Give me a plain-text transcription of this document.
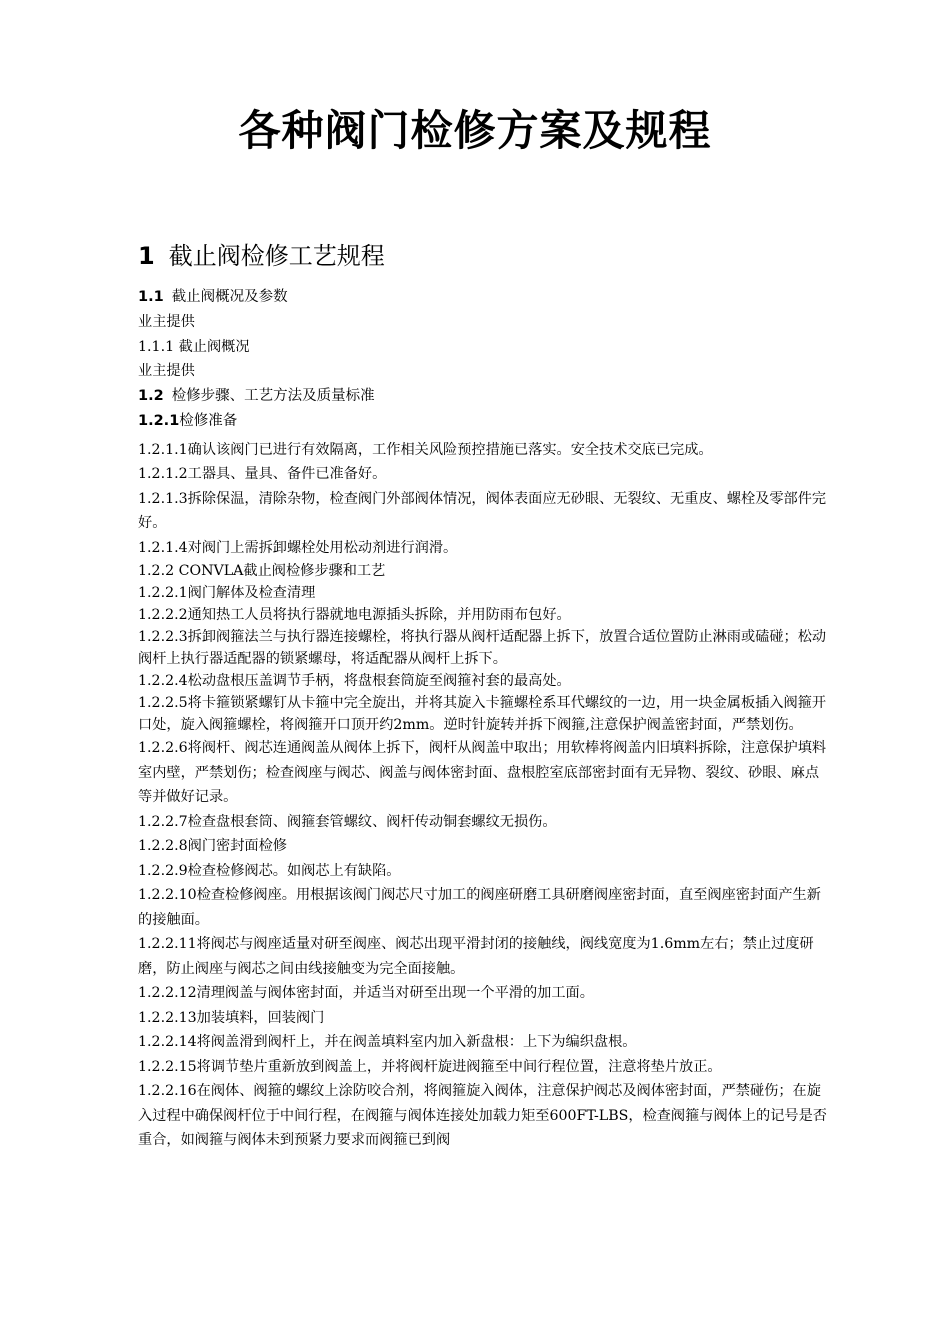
各种阀门检修方案及规程
1 截止阀检修工艺规程
1.1 截止阀概况及参数
业主提供
1.1.1 截止阀概况
业主提供
1.2 检修步骤、工艺方法及质量标准
1.2.1检修准备
1.2.1.1确认该阀门已进行有效隔离，工作相关风险预控措施已落实。安全技术交底已完成。
1.2.1.2工器具、量具、备件已准备好。
1.2.1.3拆除保温，清除杂物，检查阀门外部阀体情况，阀体表面应无砂眼、无裂纹、无重皮、螺栓及零部件完好。
1.2.1.4对阀门上需拆卸螺栓处用松动剂进行润滑。
1.2.2 CONVLA截止阀检修步骤和工艺
1.2.2.1阀门解体及检查清理
1.2.2.2通知热工人员将执行器就地电源插头拆除，并用防雨布包好。
1.2.2.3拆卸阀箍法兰与执行器连接螺栓，将执行器从阀杆适配器上拆下，放置合适位置防止淋雨或磕碰；松动阀杆上执行器适配器的锁紧螺母，将适配器从阀杆上拆下。
1.2.2.4松动盘根压盖调节手柄，将盘根套筒旋至阀箍衬套的最高处。
1.2.2.5将卡箍锁紧螺钉从卡箍中完全旋出，并将其旋入卡箍螺栓系耳代螺纹的一边，用一块金属板插入阀箍开口处，旋入阀箍螺栓，将阀箍开口顶开约2mm。逆时针旋转并拆下阀箍,注意保护阀盖密封面，严禁划伤。
1.2.2.6将阀杆、阀芯连通阀盖从阀体上拆下，阀杆从阀盖中取出；用软棒将阀盖内旧填料拆除，注意保护填料室内壁，严禁划伤；检查阀座与阀芯、阀盖与阀体密封面、盘根腔室底部密封面有无异物、裂纹、砂眼、麻点等并做好记录。
1.2.2.7检查盘根套筒、阀箍套管螺纹、阀杆传动铜套螺纹无损伤。
1.2.2.8阀门密封面检修
1.2.2.9检查检修阀芯。如阀芯上有缺陷。
1.2.2.10检查检修阀座。用根据该阀门阀芯尺寸加工的阀座研磨工具研磨阀座密封面，直至阀座密封面产生新的接触面。
1.2.2.11将阀芯与阀座适量对研至阀座、阀芯出现平滑封闭的接触线，阀线宽度为1.6mm左右；禁止过度研磨，防止阀座与阀芯之间由线接触变为完全面接触。
1.2.2.12清理阀盖与阀体密封面，并适当对研至出现一个平滑的加工面。
1.2.2.13加装填料，回装阀门
1.2.2.14将阀盖滑到阀杆上，并在阀盖填料室内加入新盘根：上下为编织盘根。
1.2.2.15将调节垫片重新放到阀盖上，并将阀杆旋进阀箍至中间行程位置，注意将垫片放正。
1.2.2.16在阀体、阀箍的螺纹上涂防咬合剂，将阀箍旋入阀体，注意保护阀芯及阀体密封面，严禁碰伤；在旋入过程中确保阀杆位于中间行程，在阀箍与阀体连接处加载力矩至600FT-LBS，检查阀箍与阀体上的记号是否重合，如阀箍与阀体未到预紧力要求而阀箍已到阀
